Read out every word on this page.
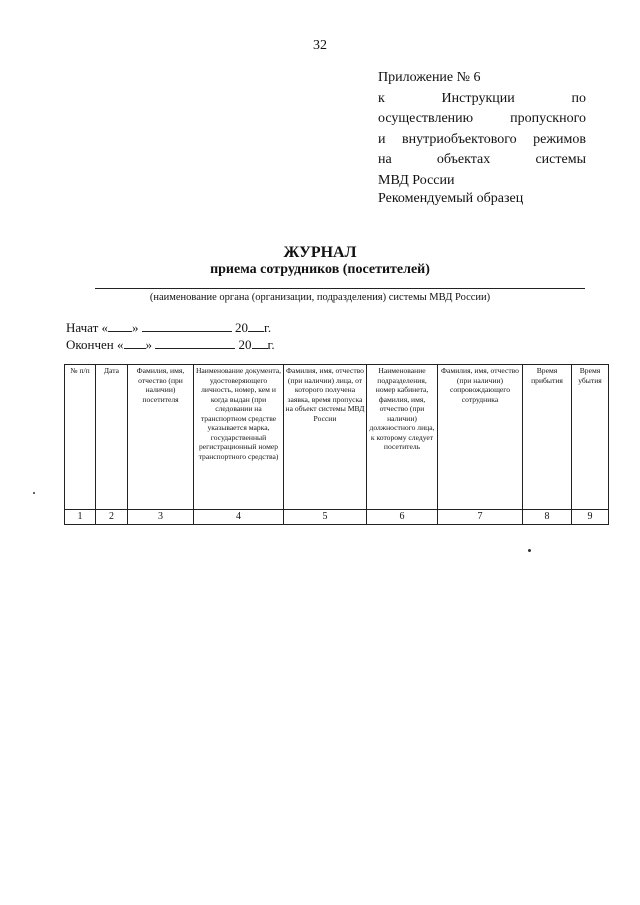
32
Приложение № 6
к	Инструкции	по
осуществлению	пропускного
и внутриобъектового режимов
на	объектах	системы
МВД России
Рекомендуемый образец
ЖУРНАЛ
приема сотрудников (посетителей)
(наименование органа (организации, подразделения) системы МВД России)
Начат « »	20 г.
Окончен « »	20 г.
№ п/п	Дата	Фамилия, имя, отчество (при наличии) посетителя	Наименование документа, удостоверяющего личность, номер, кем и когда выдан (при следовании на транспортном средстве указывается марка, государственный регистрационный номер транспортного средства)	Фамилия, имя, отчество (при наличии) лица, от которого получена заявка, время пропуска на объект системы МВД России	Наименование подразделения, номер кабинета, фамилия, имя, отчество (при наличии) должностного лица, к которому следует посетитель	Фамилия, имя, отчество (при наличии) сопровождающего сотрудника	Время прибытия	Время убытия
1	2	3	4	5	6	7	8	9
